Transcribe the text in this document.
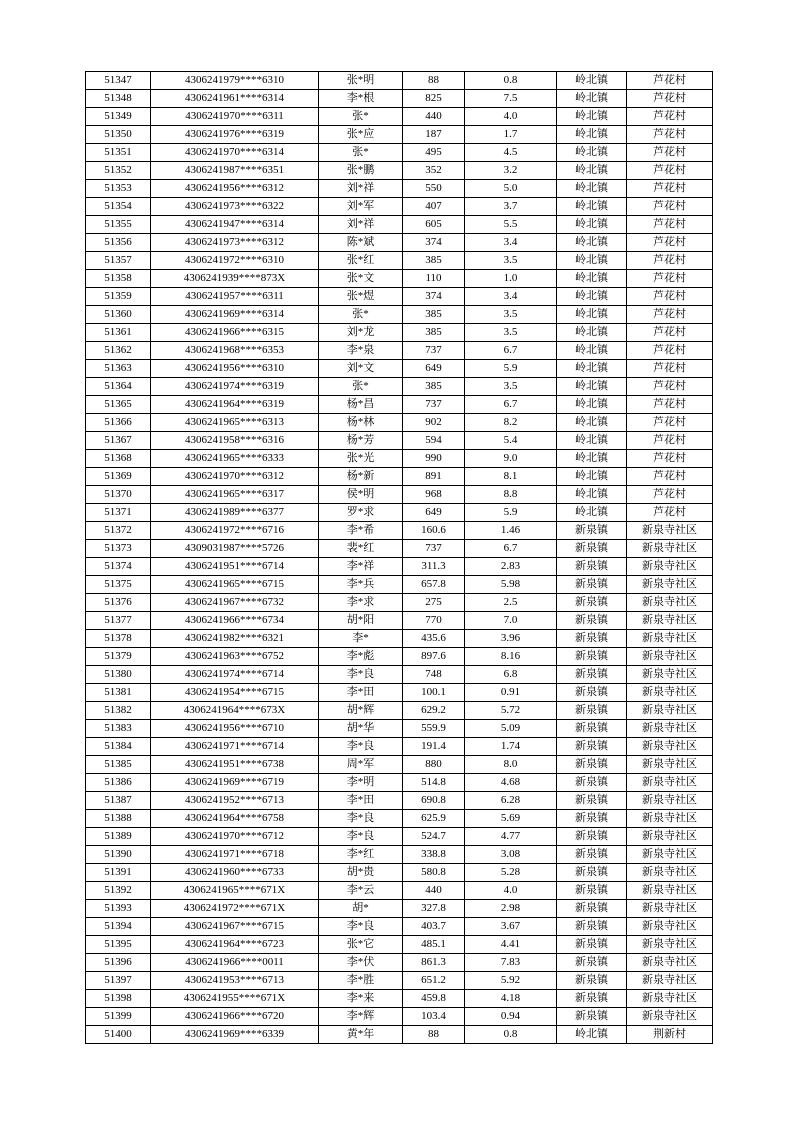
51347	4306241979****6310	张*明	88	0.8	岭北镇	芦花村
51348	4306241961****6314	李*根	825	7.5	岭北镇	芦花村
51349	4306241970****6311	张*	440	4.0	岭北镇	芦花村
51350	4306241976****6319	张*应	187	1.7	岭北镇	芦花村
51351	4306241970****6314	张*	495	4.5	岭北镇	芦花村
51352	4306241987****6351	张*鹏	352	3.2	岭北镇	芦花村
51353	4306241956****6312	刘*祥	550	5.0	岭北镇	芦花村
51354	4306241973****6322	刘*军	407	3.7	岭北镇	芦花村
51355	4306241947****6314	刘*祥	605	5.5	岭北镇	芦花村
51356	4306241973****6312	陈*斌	374	3.4	岭北镇	芦花村
51357	4306241972****6310	张*红	385	3.5	岭北镇	芦花村
51358	4306241939****873X	张*文	110	1.0	岭北镇	芦花村
51359	4306241957****6311	张*煜	374	3.4	岭北镇	芦花村
51360	4306241969****6314	张*	385	3.5	岭北镇	芦花村
51361	4306241966****6315	刘*龙	385	3.5	岭北镇	芦花村
51362	4306241968****6353	李*泉	737	6.7	岭北镇	芦花村
51363	4306241956****6310	刘*文	649	5.9	岭北镇	芦花村
51364	4306241974****6319	张*	385	3.5	岭北镇	芦花村
51365	4306241964****6319	杨*昌	737	6.7	岭北镇	芦花村
51366	4306241965****6313	杨*林	902	8.2	岭北镇	芦花村
51367	4306241958****6316	杨*芳	594	5.4	岭北镇	芦花村
51368	4306241965****6333	张*光	990	9.0	岭北镇	芦花村
51369	4306241970****6312	杨*新	891	8.1	岭北镇	芦花村
51370	4306241965****6317	侯*明	968	8.8	岭北镇	芦花村
51371	4306241989****6377	罗*求	649	5.9	岭北镇	芦花村
51372	4306241972****6716	李*希	160.6	1.46	新泉镇	新泉寺社区
51373	4309031987****5726	裴*红	737	6.7	新泉镇	新泉寺社区
51374	4306241951****6714	李*祥	311.3	2.83	新泉镇	新泉寺社区
51375	4306241965****6715	李*兵	657.8	5.98	新泉镇	新泉寺社区
51376	4306241967****6732	李*求	275	2.5	新泉镇	新泉寺社区
51377	4306241966****6734	胡*阳	770	7.0	新泉镇	新泉寺社区
51378	4306241982****6321	李*	435.6	3.96	新泉镇	新泉寺社区
51379	4306241963****6752	李*彪	897.6	8.16	新泉镇	新泉寺社区
51380	4306241974****6714	李*良	748	6.8	新泉镇	新泉寺社区
51381	4306241954****6715	李*田	100.1	0.91	新泉镇	新泉寺社区
51382	4306241964****673X	胡*辉	629.2	5.72	新泉镇	新泉寺社区
51383	4306241956****6710	胡*华	559.9	5.09	新泉镇	新泉寺社区
51384	4306241971****6714	李*良	191.4	1.74	新泉镇	新泉寺社区
51385	4306241951****6738	周*军	880	8.0	新泉镇	新泉寺社区
51386	4306241969****6719	李*明	514.8	4.68	新泉镇	新泉寺社区
51387	4306241952****6713	李*田	690.8	6.28	新泉镇	新泉寺社区
51388	4306241964****6758	李*良	625.9	5.69	新泉镇	新泉寺社区
51389	4306241970****6712	李*良	524.7	4.77	新泉镇	新泉寺社区
51390	4306241971****6718	李*红	338.8	3.08	新泉镇	新泉寺社区
51391	4306241960****6733	胡*贵	580.8	5.28	新泉镇	新泉寺社区
51392	4306241965****671X	李*云	440	4.0	新泉镇	新泉寺社区
51393	4306241972****671X	胡*	327.8	2.98	新泉镇	新泉寺社区
51394	4306241967****6715	李*良	403.7	3.67	新泉镇	新泉寺社区
51395	4306241964****6723	张*它	485.1	4.41	新泉镇	新泉寺社区
51396	4306241966****0011	李*伏	861.3	7.83	新泉镇	新泉寺社区
51397	4306241953****6713	李*胜	651.2	5.92	新泉镇	新泉寺社区
51398	4306241955****671X	李*来	459.8	4.18	新泉镇	新泉寺社区
51399	4306241966****6720	李*辉	103.4	0.94	新泉镇	新泉寺社区
51400	4306241969****6339	黄*年	88	0.8	岭北镇	荆新村
